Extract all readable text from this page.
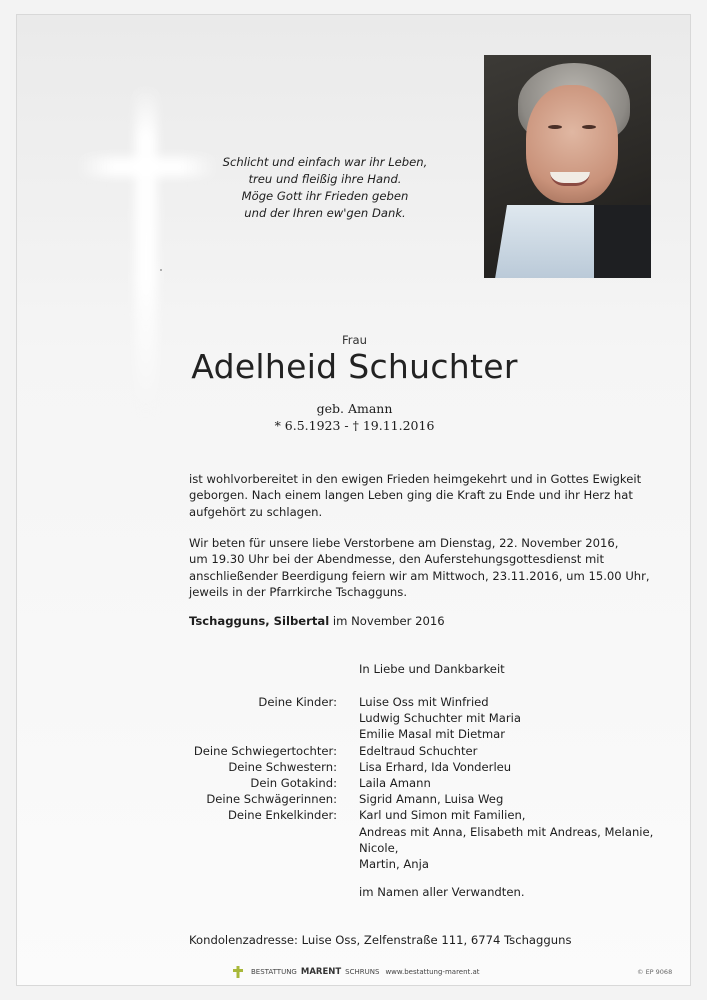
Schlicht und einfach war ihr Leben,
treu und fleißig ihre Hand.
Möge Gott ihr Frieden geben
und der Ihren ew'gen Dank.
Frau
Adelheid Schuchter
geb. Amann
* 6.5.1923 - † 19.11.2016
ist wohlvorbereitet in den ewigen Frieden heimgekehrt und in Gottes Ewigkeit
geborgen. Nach einem langen Leben ging die Kraft zu Ende und ihr Herz hat
aufgehört zu schlagen.
Wir beten für unsere liebe Verstorbene am Dienstag, 22. November 2016,
um 19.30 Uhr bei der Abendmesse, den Auferstehungsgottesdienst mit
anschließender Beerdigung feiern wir am Mittwoch, 23.11.2016, um 15.00 Uhr,
jeweils in der Pfarrkirche Tschagguns.
Tschagguns, Silbertal im November 2016
In Liebe und Dankbarkeit
Deine Kinder:	Luise Oss mit Winfried
Ludwig Schuchter mit Maria
Emilie Masal mit Dietmar
Deine Schwiegertochter:	Edeltraud Schuchter
Deine Schwestern:	Lisa Erhard, Ida Vonderleu
Dein Gotakind:	Laila Amann
Deine Schwägerinnen:	Sigrid Amann, Luisa Weg
Deine Enkelkinder:	Karl und Simon mit Familien,
Andreas mit Anna, Elisabeth mit Andreas, Melanie,
Nicole,
Martin, Anja
im Namen aller Verwandten.
Kondolenzadresse: Luise Oss, Zelfenstraße 111, 6774 Tschagguns
BESTATTUNG MARENT SCHRUNS www.bestattung-marent.at	© EP 9068
